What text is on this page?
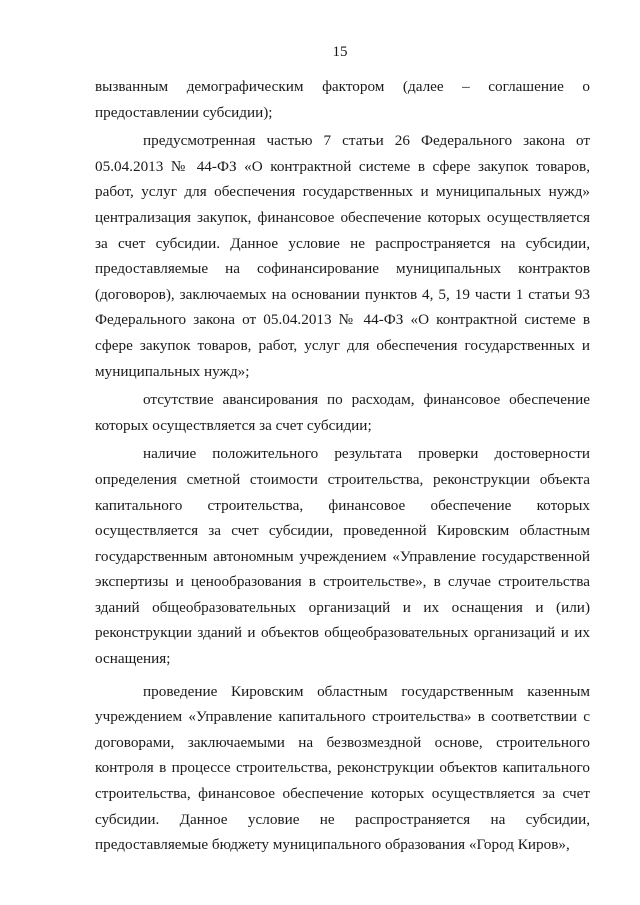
15

вызванным демографическим фактором (далее – соглашение о предоставлении субсидии);

предусмотренная частью 7 статьи 26 Федерального закона от 05.04.2013 № 44-ФЗ «О контрактной системе в сфере закупок товаров, работ, услуг для обеспечения государственных и муниципальных нужд» централизация закупок, финансовое обеспечение которых осуществляется за счет субсидии. Данное условие не распространяется на субсидии, предоставляемые на софинансирование муниципальных контрактов (договоров), заключаемых на основании пунктов 4, 5, 19 части 1 статьи 93 Федерального закона от 05.04.2013 № 44-ФЗ «О контрактной системе в сфере закупок товаров, работ, услуг для обеспечения государственных и муниципальных нужд»;

отсутствие авансирования по расходам, финансовое обеспечение которых осуществляется за счет субсидии;

наличие положительного результата проверки достоверности определения сметной стоимости строительства, реконструкции объекта капитального строительства, финансовое обеспечение которых осуществляется за счет субсидии, проведенной Кировским областным государственным автономным учреждением «Управление государственной экспертизы и ценообразования в строительстве», в случае строительства зданий общеобразовательных организаций и их оснащения и (или) реконструкции зданий и объектов общеобразовательных организаций и их оснащения;

проведение Кировским областным государственным казенным учреждением «Управление капитального строительства» в соответствии с договорами, заключаемыми на безвозмездной основе, строительного контроля в процессе строительства, реконструкции объектов капитального строительства, финансовое обеспечение которых осуществляется за счет субсидии. Данное условие не распространяется на субсидии, предоставляемые бюджету муниципального образования «Город Киров»,
